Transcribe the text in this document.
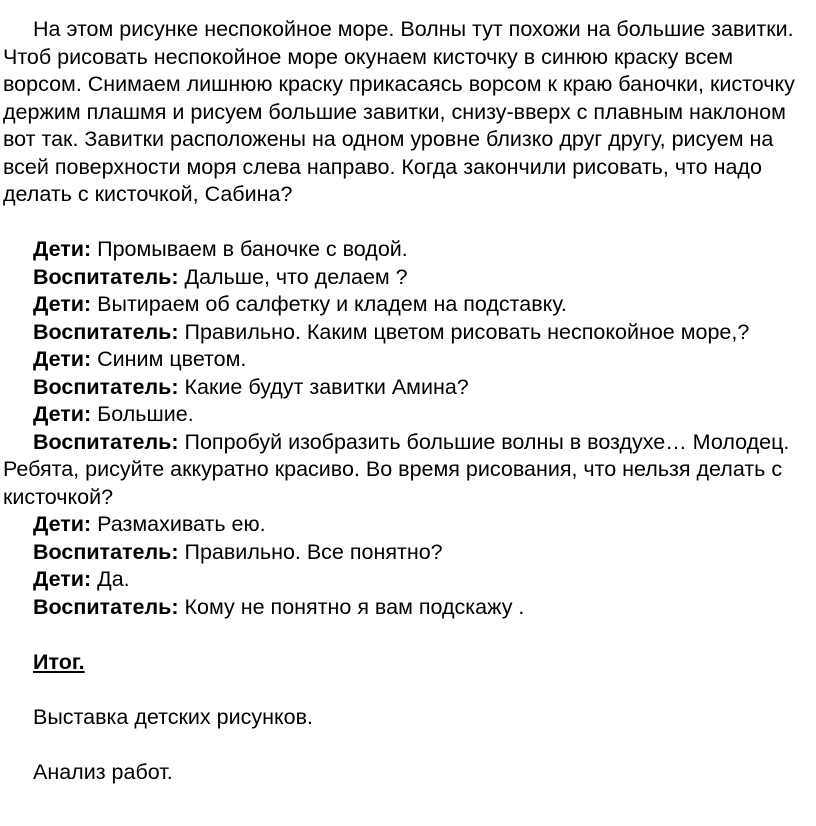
На этом рисунке неспокойное море. Волны тут похожи на большие завитки. Чтоб рисовать неспокойное море окунаем кисточку в синюю краску всем ворсом. Снимаем лишнюю краску прикасаясь ворсом к краю баночки, кисточку держим плашмя и рисуем большие завитки, снизу-вверх с плавным наклоном вот так. Завитки расположены на одном уровне близко друг другу, рисуем на всей поверхности моря слева направо. Когда закончили рисовать, что надо делать с кисточкой, Сабина?

Дети: Промываем в баночке с водой.

Воспитатель: Дальше, что делаем ?

Дети: Вытираем об салфетку и кладем на подставку.

Воспитатель: Правильно. Каким цветом рисовать неспокойное море,?

Дети: Синим цветом.

Воспитатель: Какие будут завитки Амина?

Дети: Большие.

Воспитатель: Попробуй изобразить большие волны в воздухе… Молодец. Ребята, рисуйте аккуратно красиво. Во время рисования, что нельзя делать с кисточкой?

Дети: Размахивать ею.

Воспитатель: Правильно. Все понятно?

Дети: Да.

Воспитатель: Кому не понятно я вам подскажу .

Итог.

Выставка детских рисунков.

Анализ работ.
